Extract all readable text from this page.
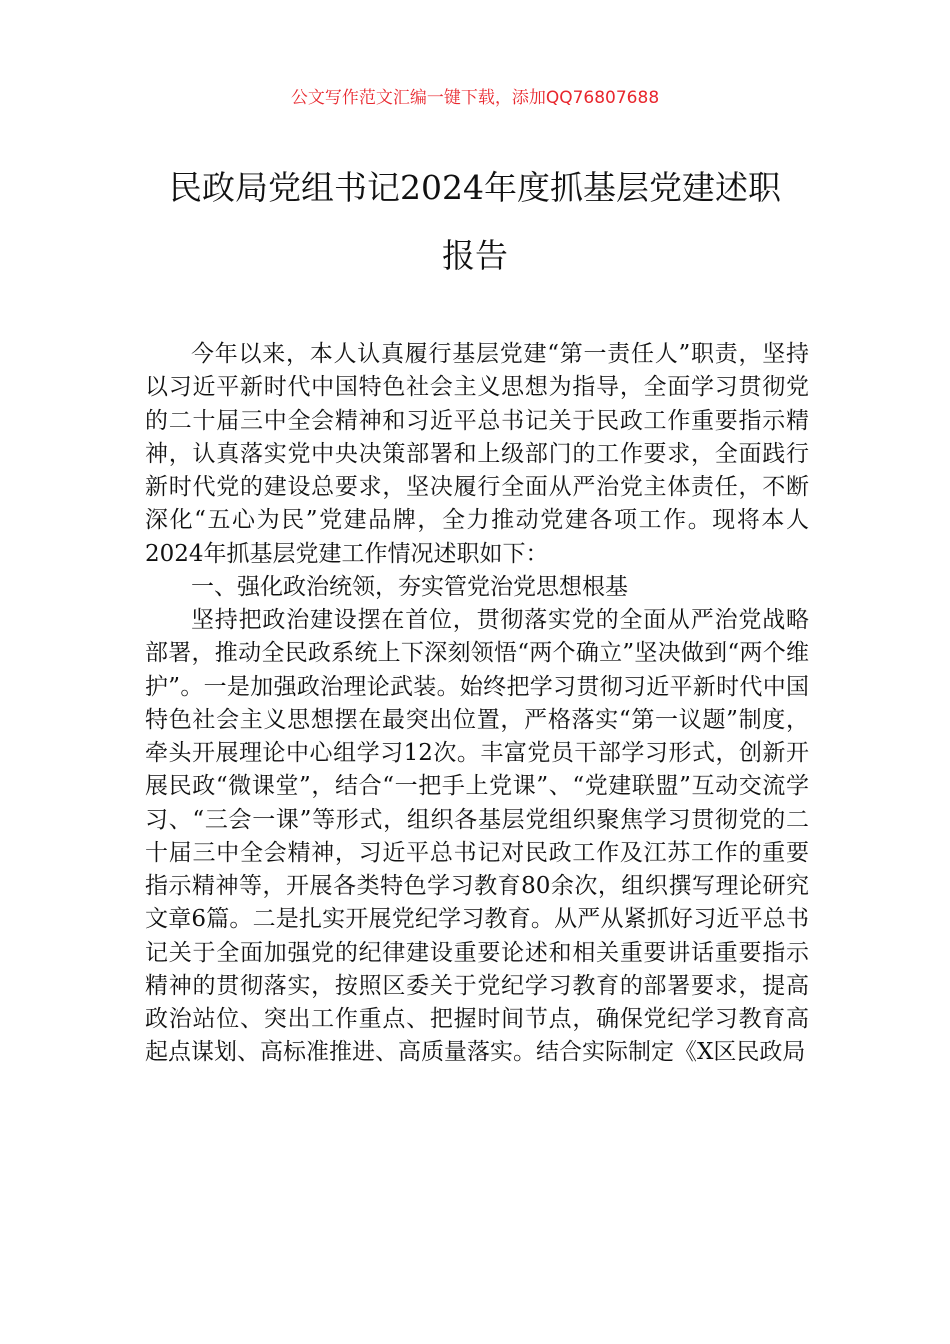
公文写作范文汇编一键下载，添加QQ76807688
民政局党组书记2024年度抓基层党建述职
报告

今年以来，本人认真履行基层党建“第一责任人”职责，坚持以习近平新时代中国特色社会主义思想为指导，全面学习贯彻党的二十届三中全会精神和习近平总书记关于民政工作重要指示精神，认真落实党中央决策部署和上级部门的工作要求，全面践行新时代党的建设总要求，坚决履行全面从严治党主体责任，不断深化“五心为民”党建品牌，全力推动党建各项工作。现将本人2024年抓基层党建工作情况述职如下：

一、强化政治统领，夯实管党治党思想根基

坚持把政治建设摆在首位，贯彻落实党的全面从严治党战略部署，推动全民政系统上下深刻领悟“两个确立”坚决做到“两个维护”。一是加强政治理论武装。始终把学习贯彻习近平新时代中国特色社会主义思想摆在最突出位置，严格落实“第一议题”制度，牵头开展理论中心组学习12次。丰富党员干部学习形式，创新开展民政“微课堂”，结合“一把手上党课”、“党建联盟”互动交流学习、“三会一课”等形式，组织各基层党组织聚焦学习贯彻党的二十届三中全会精神，习近平总书记对民政工作及江苏工作的重要指示精神等，开展各类特色学习教育80余次，组织撰写理论研究文章6篇。二是扎实开展党纪学习教育。从严从紧抓好习近平总书记关于全面加强党的纪律建设重要论述和相关重要讲话重要指示精神的贯彻落实，按照区委关于党纪学习教育的部署要求，提高政治站位、突出工作重点、把握时间节点，确保党纪学习教育高起点谋划、高标准推进、高质量落实。结合实际制定《X区民政局
